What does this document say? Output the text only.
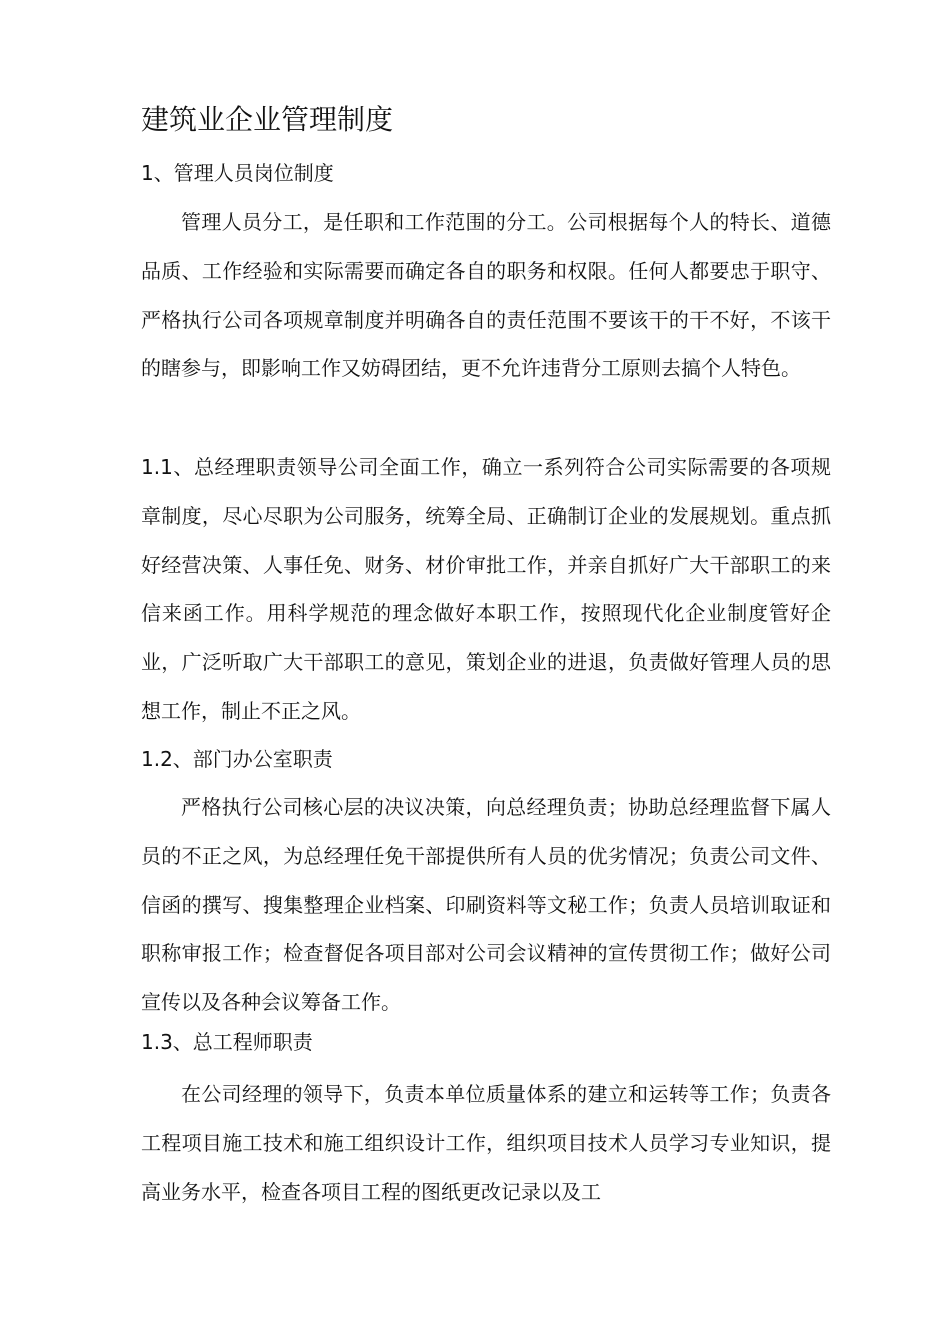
建筑业企业管理制度
1、管理人员岗位制度

管理人员分工，是任职和工作范围的分工。公司根据每个人的特长、道德品质、工作经验和实际需要而确定各自的职务和权限。任何人都要忠于职守、严格执行公司各项规章制度并明确各自的责任范围不要该干的干不好，不该干的瞎参与，即影响工作又妨碍团结，更不允许违背分工原则去搞个人特色。

1.1、总经理职责领导公司全面工作，确立一系列符合公司实际需要的各项规章制度，尽心尽职为公司服务，统筹全局、正确制订企业的发展规划。重点抓好经营决策、人事任免、财务、材价审批工作，并亲自抓好广大干部职工的来信来函工作。用科学规范的理念做好本职工作，按照现代化企业制度管好企业，广泛听取广大干部职工的意见，策划企业的进退，负责做好管理人员的思想工作，制止不正之风。

1.2、部门办公室职责

严格执行公司核心层的决议决策，向总经理负责；协助总经理监督下属人员的不正之风，为总经理任免干部提供所有人员的优劣情况；负责公司文件、信函的撰写、搜集整理企业档案、印刷资料等文秘工作；负责人员培训取证和职称审报工作；检查督促各项目部对公司会议精神的宣传贯彻工作；做好公司宣传以及各种会议筹备工作。

1.3、总工程师职责

在公司经理的领导下，负责本单位质量体系的建立和运转等工作；负责各工程项目施工技术和施工组织设计工作，组织项目技术人员学习专业知识，提高业务水平，检查各项目工程的图纸更改记录以及工
